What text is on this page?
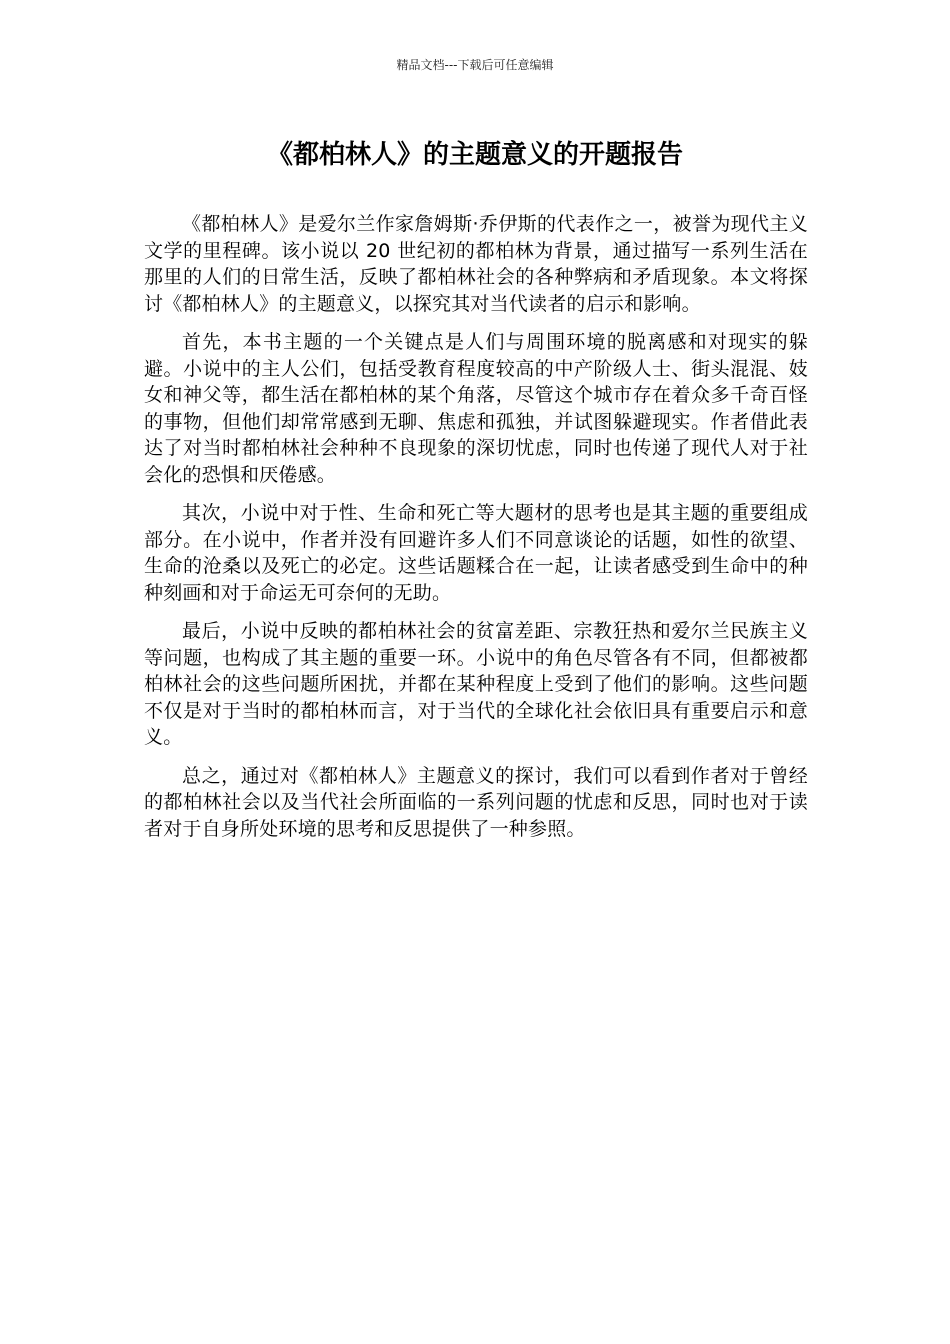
精品文档---下载后可任意编辑
《都柏林人》的主题意义的开题报告

《都柏林人》是爱尔兰作家詹姆斯·乔伊斯的代表作之一，被誉为现代主义文学的里程碑。该小说以 20 世纪初的都柏林为背景，通过描写一系列生活在那里的人们的日常生活，反映了都柏林社会的各种弊病和矛盾现象。本文将探讨《都柏林人》的主题意义，以探究其对当代读者的启示和影响。

首先，本书主题的一个关键点是人们与周围环境的脱离感和对现实的躲避。小说中的主人公们，包括受教育程度较高的中产阶级人士、街头混混、妓女和神父等，都生活在都柏林的某个角落，尽管这个城市存在着众多千奇百怪的事物，但他们却常常感到无聊、焦虑和孤独，并试图躲避现实。作者借此表达了对当时都柏林社会种种不良现象的深切忧虑，同时也传递了现代人对于社会化的恐惧和厌倦感。

其次，小说中对于性、生命和死亡等大题材的思考也是其主题的重要组成部分。在小说中，作者并没有回避许多人们不同意谈论的话题，如性的欲望、生命的沧桑以及死亡的必定。这些话题糅合在一起，让读者感受到生命中的种种刻画和对于命运无可奈何的无助。

最后，小说中反映的都柏林社会的贫富差距、宗教狂热和爱尔兰民族主义等问题，也构成了其主题的重要一环。小说中的角色尽管各有不同，但都被都柏林社会的这些问题所困扰，并都在某种程度上受到了他们的影响。这些问题不仅是对于当时的都柏林而言，对于当代的全球化社会依旧具有重要启示和意义。

总之，通过对《都柏林人》主题意义的探讨，我们可以看到作者对于曾经的都柏林社会以及当代社会所面临的一系列问题的忧虑和反思，同时也对于读者对于自身所处环境的思考和反思提供了一种参照。
